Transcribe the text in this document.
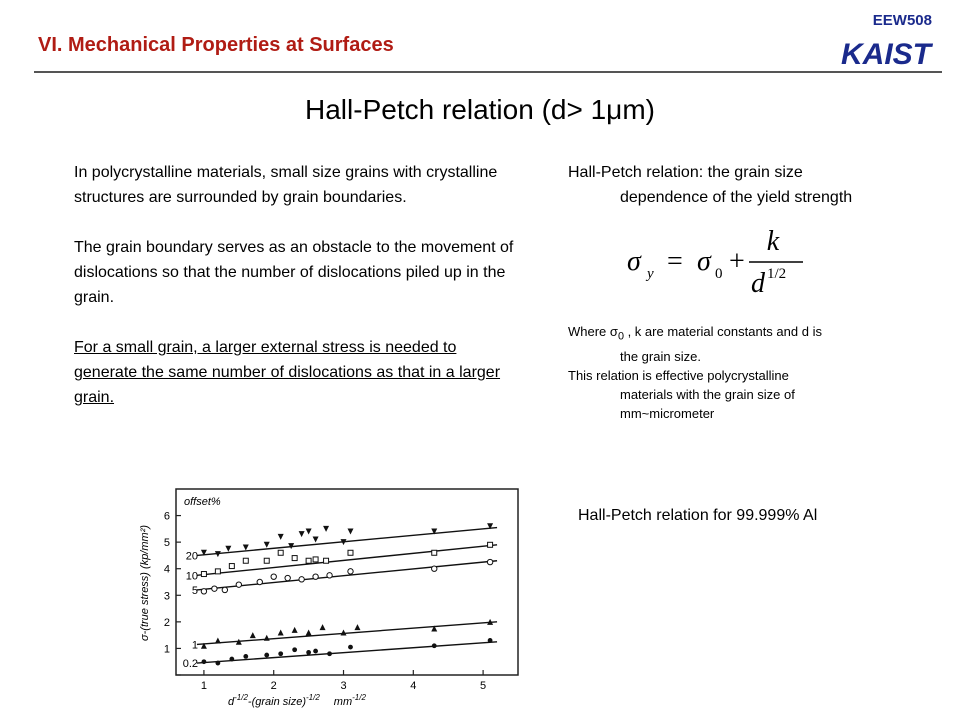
EEW508
KAIST
VI. Mechanical Properties at Surfaces
Hall-Petch relation (d> 1μm)

In polycrystalline materials, small size grains with crystalline structures are surrounded by grain boundaries.

The grain boundary serves as an obstacle to the movement of dislocations so that the number of dislocations piled up in the grain.

For a small grain, a larger external stress is needed to generate the same number of dislocations as that in a larger grain.

Hall-Petch relation: the grain size
dependence of the yield strength
σ y = σ 0 +
k
d 1/2
Where $\sigma_0$ , k are material constants and d is
the grain size.
This relation is effective polycrystalline
materials with the grain size of
mm~micrometer
Hall-Petch relation for 99.999% Al
1	2	3	4	5
1
2
3
4
5
6
20
10
5
1
0.2
σ-(true stress) (kp/mm²)
offset%
$d^{-1/2}-(grain$ size)$^{-1/2}$ $mm^{-1/2}$
